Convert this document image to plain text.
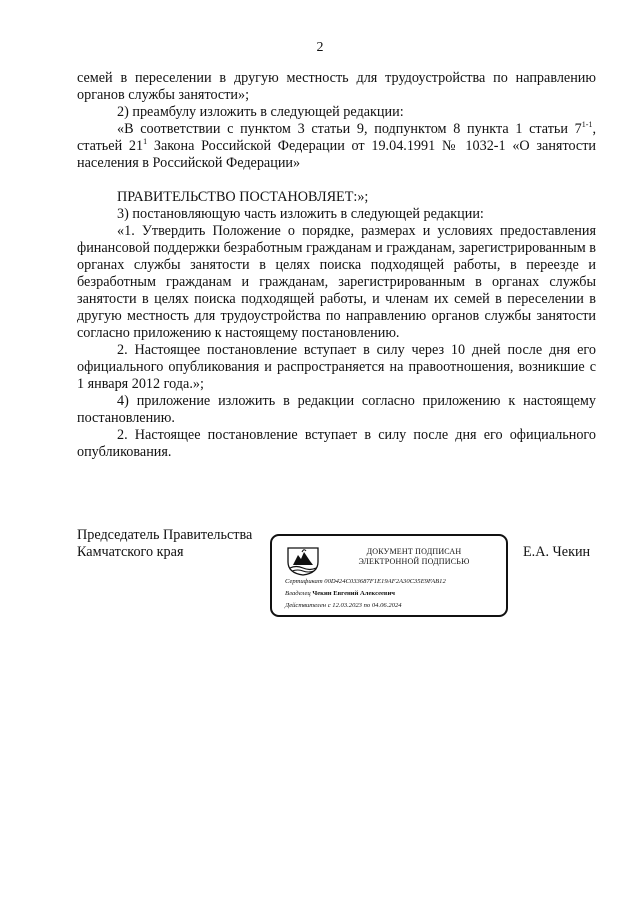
2

семей в переселении в другую местность для трудоустройства по направлению органов службы занятости»;

2) преамбулу изложить в следующей редакции:

«В соответствии с пунктом 3 статьи 9, подпунктом 8 пункта 1 статьи 7$^{1-1}$, статьей $21^1$ Закона Российской Федерации от 19.04.1991 № 1032-1 «О занятости населения в Российской Федерации»

ПРАВИТЕЛЬСТВО ПОСТАНОВЛЯЕТ:»;

3) постановляющую часть изложить в следующей редакции:

«1. Утвердить Положение о порядке, размерах и условиях предоставления финансовой поддержки безработным гражданам и гражданам, зарегистрированным в органах службы занятости в целях поиска подходящей работы, в переезде и безработным гражданам и гражданам, зарегистрированным в органах службы занятости в целях поиска подходящей работы, и членам их семей в переселении в другую местность для трудоустройства по направлению органов службы занятости согласно приложению к настоящему постановлению.

2. Настоящее постановление вступает в силу через 10 дней после дня его официального опубликования и распространяется на правоотношения, возникшие с 1 января 2012 года.»;

4) приложение изложить в редакции согласно приложению к настоящему постановлению.

2. Настоящее постановление вступает в силу после дня его официального опубликования.

Председатель Правительства
Камчатского края	ДОКУМЕНТ ПОДПИСАН
ЭЛЕКТРОННОЙ ПОДПИСЬЮ
Сертификат 00D424C033687F1E19AF2A30C35E9FAB12
Владелец Чекин Евгений Алексеевич
Действителен с 12.03.2023 по 04.06.2024
Е.А. Чекин
